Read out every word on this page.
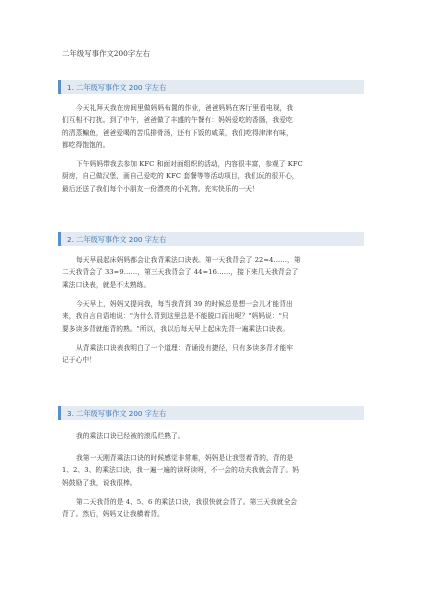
二年级写事作文200字左右
1. 二年级写事作文 200 字左右
今天礼拜天我在房间里做妈妈布置的作业，爸爸妈妈在客厅里看电视，我
们互相不打扰。到了中午，爸爸做了丰盛的午餐有：妈妈爱吃的香肠，我爱吃
的清蒸鳊鱼，爸爸爱喝的苦瓜排骨汤，还有下饭的咸菜，我们吃得津津有味，
都吃得饱饱的。
下午妈妈带我去参加 KFC 和面对面组织的活动，内容很丰富，参观了 KFC
厨房，自己做汉堡，画自己爱吃的 KFC 套餐等等活动项目，我们玩的很开心，
最后还送了我们每个小朋友一份漂亮的小礼物。充实快乐的一天！
2. 二年级写事作文 200 字左右
每天早晨起床妈妈都会让我背乘法口诀表。第一天我背会了 22=4……，第
二天我背会了 33=9……，第三天我背会了 44=16……，接下来几天我背会了
乘法口诀表，就是不太熟练。
今天早上，妈妈又提问我，每当我背到 39 的时候总是想一会儿才能背出
来，我自言自语地说："为什么背到这里总是不能脱口而出呢？"妈妈说："只
要多读多背就能背的熟。"所以，我以后每天早上起床先背一遍乘法口诀表。
从背乘法口诀表我明白了一个道理：背诵没有捷径，只有多读多背才能牢
记于心中！
3. 二年级写事作文 200 字左右
我的乘法口诀已经被的滚瓜烂熟了。
我第一天刚背乘法口诀的时候感觉非常难，妈妈是让我竖着背的，背的是
1、2、3、的乘法口诀，我一遍一遍的读呀读呀，不一会的功夫我就会背了。妈
妈鼓励了我，说我很棒。
第二天我背的是 4、5、6 的乘法口诀，我很快就会背了。第三天我就全会
背了。然后，妈妈又让我横着背。
